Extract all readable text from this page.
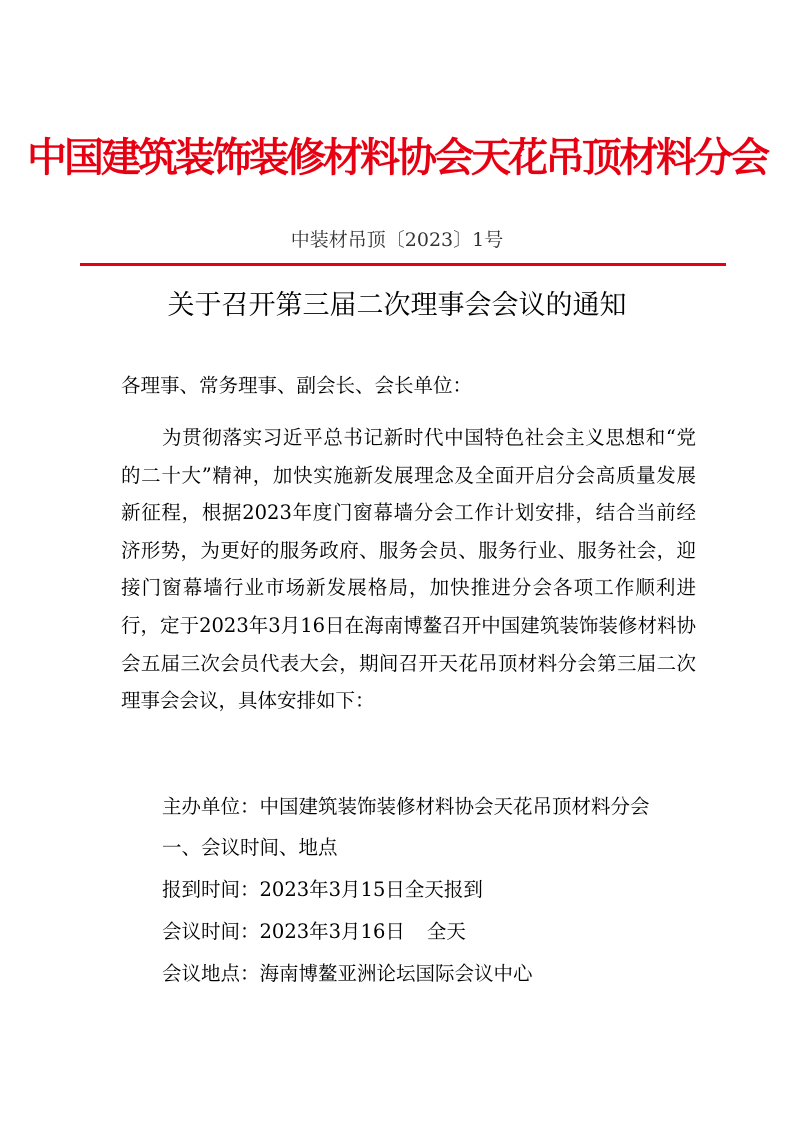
中国建筑装饰装修材料协会天花吊顶材料分会
中装材吊顶〔2023〕1号
关于召开第三届二次理事会会议的通知
各理事、常务理事、副会长、会长单位：

为贯彻落实习近平总书记新时代中国特色社会主义思想和“党的二十大”精神，加快实施新发展理念及全面开启分会高质量发展新征程，根据2023年度门窗幕墙分会工作计划安排，结合当前经济形势，为更好的服务政府、服务会员、服务行业、服务社会，迎接门窗幕墙行业市场新发展格局，加快推进分会各项工作顺利进行，定于2023年3月16日在海南博鳌召开中国建筑装饰装修材料协会五届三次会员代表大会，期间召开天花吊顶材料分会第三届二次理事会会议，具体安排如下：

主办单位：中国建筑装饰装修材料协会天花吊顶材料分会
一、会议时间、地点
报到时间：2023年3月15日全天报到
会议时间：2023年3月16日 全天
会议地点：海南博鳌亚洲论坛国际会议中心
